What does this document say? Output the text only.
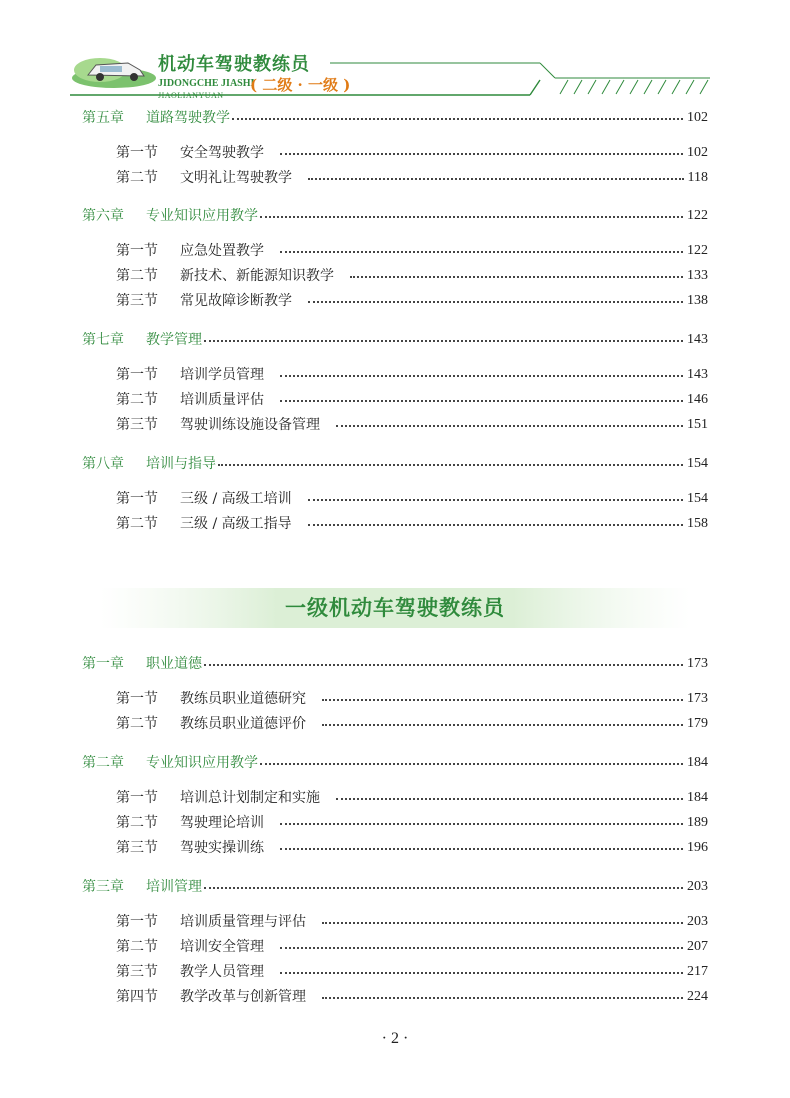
机动车驾驶教练员
JIDONGCHE JIASHI
JIAOLIANYUAN
( 二级 · 一级 )
第五章 道路驾驶教学	102
第一节 安全驾驶教学	102
第二节 文明礼让驾驶教学	118
第六章 专业知识应用教学	122
第一节 应急处置教学	122
第二节 新技术、新能源知识教学	133
第三节 常见故障诊断教学	138
第七章 教学管理	143
第一节 培训学员管理	143
第二节 培训质量评估	146
第三节 驾驶训练设施设备管理	151
第八章 培训与指导	154
第一节 三级 / 高级工培训	154
第二节 三级 / 高级工指导	158
一级机动车驾驶教练员
第一章 职业道德	173
第一节 教练员职业道德研究	173
第二节 教练员职业道德评价	179
第二章 专业知识应用教学	184
第一节 培训总计划制定和实施	184
第二节 驾驶理论培训	189
第三节 驾驶实操训练	196
第三章 培训管理	203
第一节 培训质量管理与评估	203
第二节 培训安全管理	207
第三节 教学人员管理	217
第四节 教学改革与创新管理	224
· 2 ·
